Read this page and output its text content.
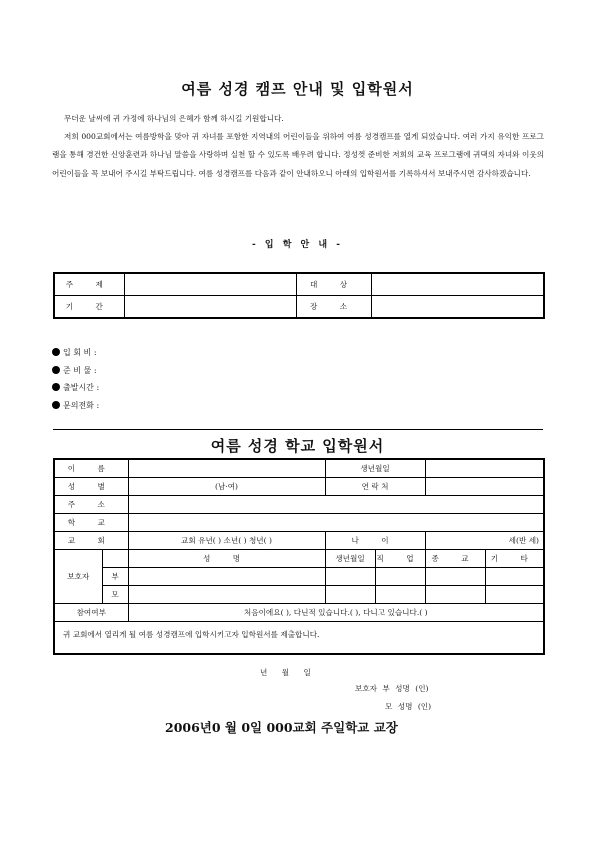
여름 성경 캠프 안내 및 입학원서

무더운 날씨에 귀 가정에 하나님의 은혜가 함께 하시길 기원합니다.

저희 000교회에서는 여름방학을 맞아 귀 자녀를 포함한 지역내의 어린이들을 위하여 여름 성경캠프를 열게 되었습니다. 여러 가지 유익한 프로그램을 통해 경건한 신앙훈련과 하나님 말씀을 사랑하며 실천 할 수 있도록 배우려 합니다. 정성껏 준비한 저희의 교육 프로그램에 귀댁의 자녀와 이웃의 어린이들을 꼭 보내어 주시길 부탁드립니다. 여름 성경캠프를 다음과 같이 안내하오니 아래의 입학원서를 기록하셔서 보내주시면 감사하겠습니다.

- 입 학 안 내 -
주 제		대 상	
기 간		장 소	
입 회 비 :
준 비 물 :
출발시간 :
문의전화 :
여름 성경 학교 입학원서
이 름			생년월일			
성 별		(남·여)	연 락 처			
주 소						
학 교						
교 회		교회 유년( ) 소년( ) 청년( )	나 이		세(반 세)	
보호자		성 명	생년월일	직 업	종 교	기 타
	부					
	모					
참여여부		처음이에요( ), 다닌적 있습니다.( ), 다니고 있습니다.( )				

귀 교회에서 열리게 될 여름 성경캠프에 입학시키고자 입학원서를 제출합니다.
년 월 일
보호자 부 성명 (인)
모 성명 (인)
2006년0 월 0일 000교회 주일학교 교장						
